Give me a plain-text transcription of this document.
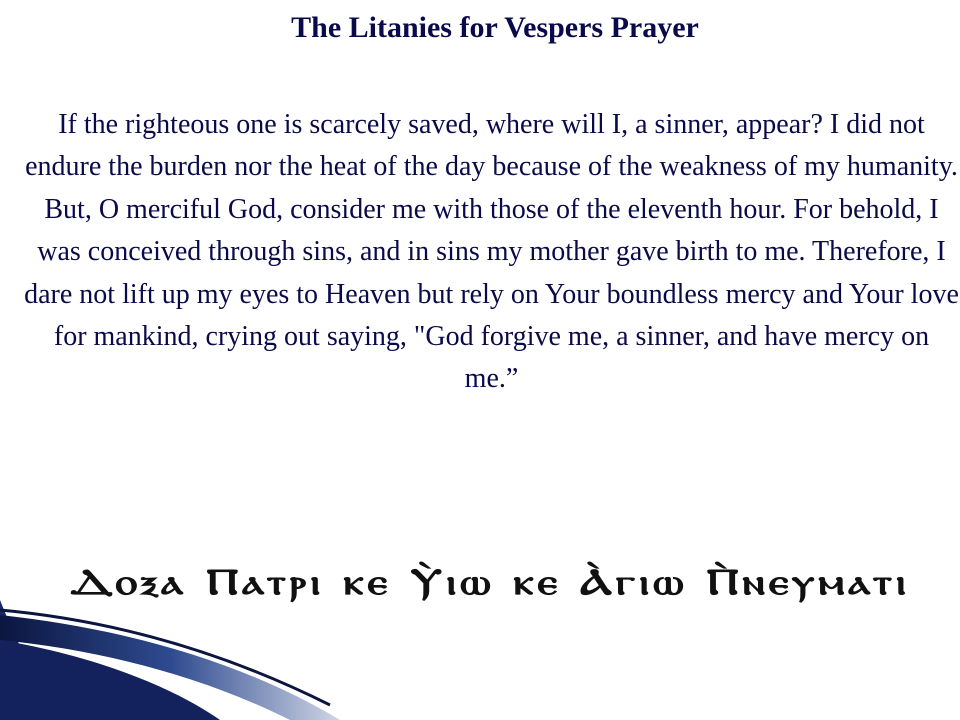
The Litanies for Vespers Prayer

If the righteous one is scarcely saved, where will I, a sinner, appear? I did not endure the burden nor the heat of the day because of the weakness of my humanity. But, O merciful God, consider me with those of the eleventh hour. For behold, I was conceived through sins, and in sins my mother gave birth to me. Therefore, I dare not lift up my eyes to Heaven but rely on Your boundless mercy and Your love for mankind, crying out saying, "God forgive me, a sinner, and have mercy on me.”

Ⲇⲟⲝⲁ Ⲡⲁⲧⲣⲓ ⲕⲉ Ⲩ̀ⲓⲱ ⲕⲉ Ⲁ̀ⲅⲓⲱ Ⲡ̀ⲛⲉⲩⲙⲁⲧⲓ
